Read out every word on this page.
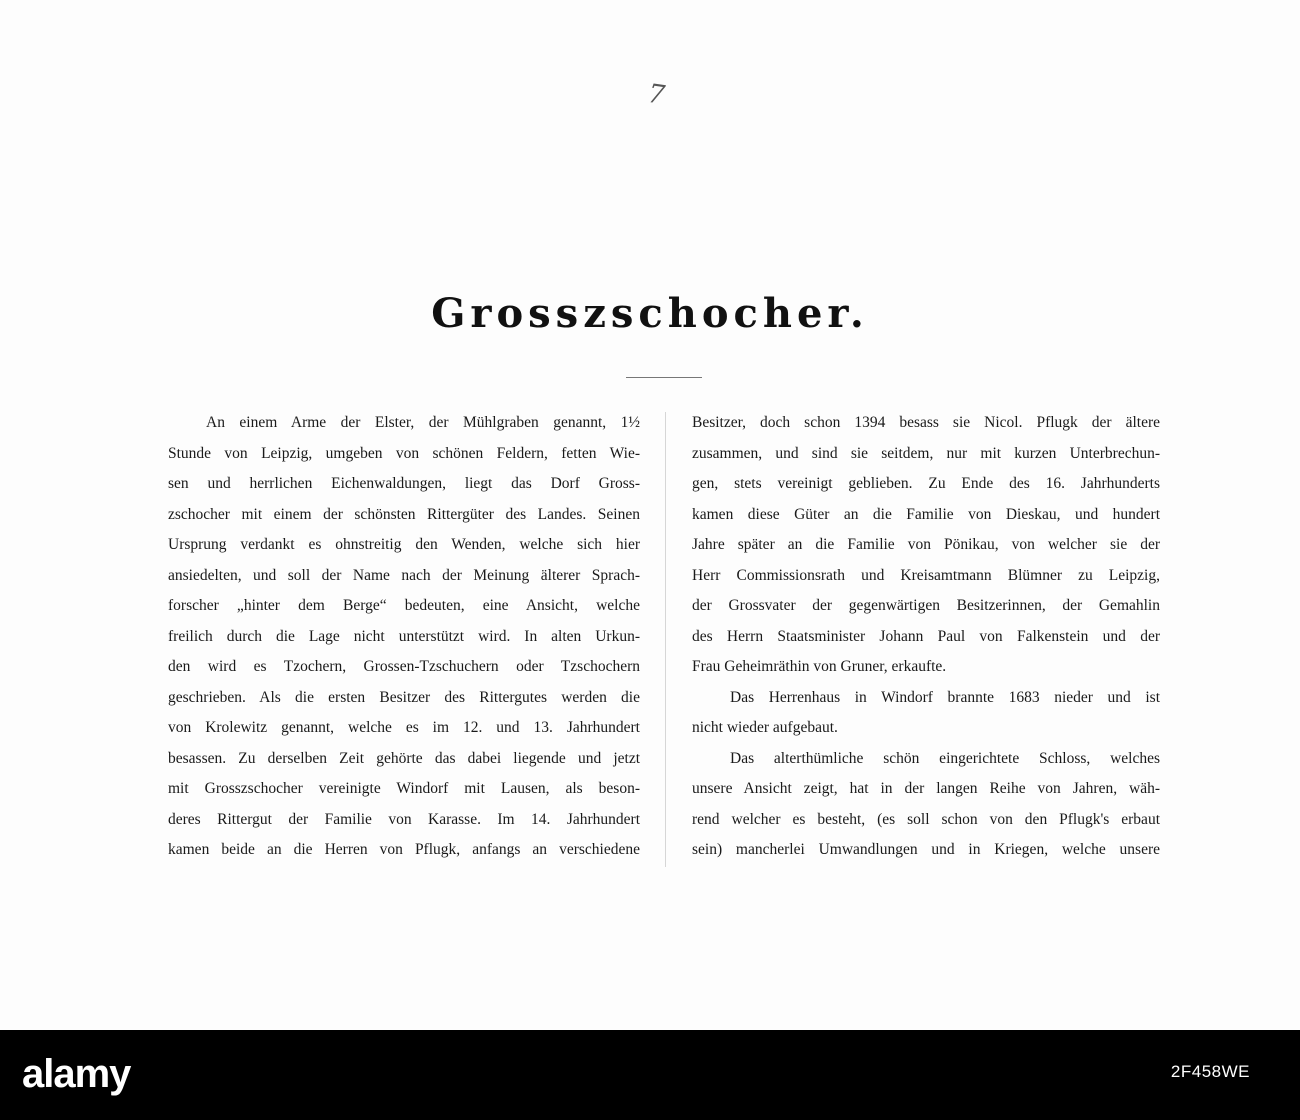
7
Grosszschocher.
An einem Arme der Elster, der Mühlgraben genannt, 1½
Stunde von Leipzig, umgeben von schönen Feldern, fetten Wie-
sen und herrlichen Eichenwaldungen, liegt das Dorf Gross-
zschocher mit einem der schönsten Rittergüter des Landes. Seinen
Ursprung verdankt es ohnstreitig den Wenden, welche sich hier
ansiedelten, und soll der Name nach der Meinung älterer Sprach-
forscher „hinter dem Berge“ bedeuten, eine Ansicht, welche
freilich durch die Lage nicht unterstützt wird. In alten Urkun-
den wird es Tzochern, Grossen-Tzschuchern oder Tzschochern
geschrieben. Als die ersten Besitzer des Rittergutes werden die
von Krolewitz genannt, welche es im 12. und 13. Jahrhundert
besassen. Zu derselben Zeit gehörte das dabei liegende und jetzt
mit Grosszschocher vereinigte Windorf mit Lausen, als beson-
deres Rittergut der Familie von Karasse. Im 14. Jahrhundert
kamen beide an die Herren von Pflugk, anfangs an verschiedene
Besitzer, doch schon 1394 besass sie Nicol. Pflugk der ältere
zusammen, und sind sie seitdem, nur mit kurzen Unterbrechun-
gen, stets vereinigt geblieben. Zu Ende des 16. Jahrhunderts
kamen diese Güter an die Familie von Dieskau, und hundert
Jahre später an die Familie von Pönikau, von welcher sie der
Herr Commissionsrath und Kreisamtmann Blümner zu Leipzig,
der Grossvater der gegenwärtigen Besitzerinnen, der Gemahlin
des Herrn Staatsminister Johann Paul von Falkenstein und der
Frau Geheimräthin von Gruner, erkaufte.
Das Herrenhaus in Windorf brannte 1683 nieder und ist
nicht wieder aufgebaut.
Das alterthümliche schön eingerichtete Schloss, welches
unsere Ansicht zeigt, hat in der langen Reihe von Jahren, wäh-
rend welcher es besteht, (es soll schon von den Pflugk's erbaut
sein) mancherlei Umwandlungen und in Kriegen, welche unsere
alamy	2F458WE
